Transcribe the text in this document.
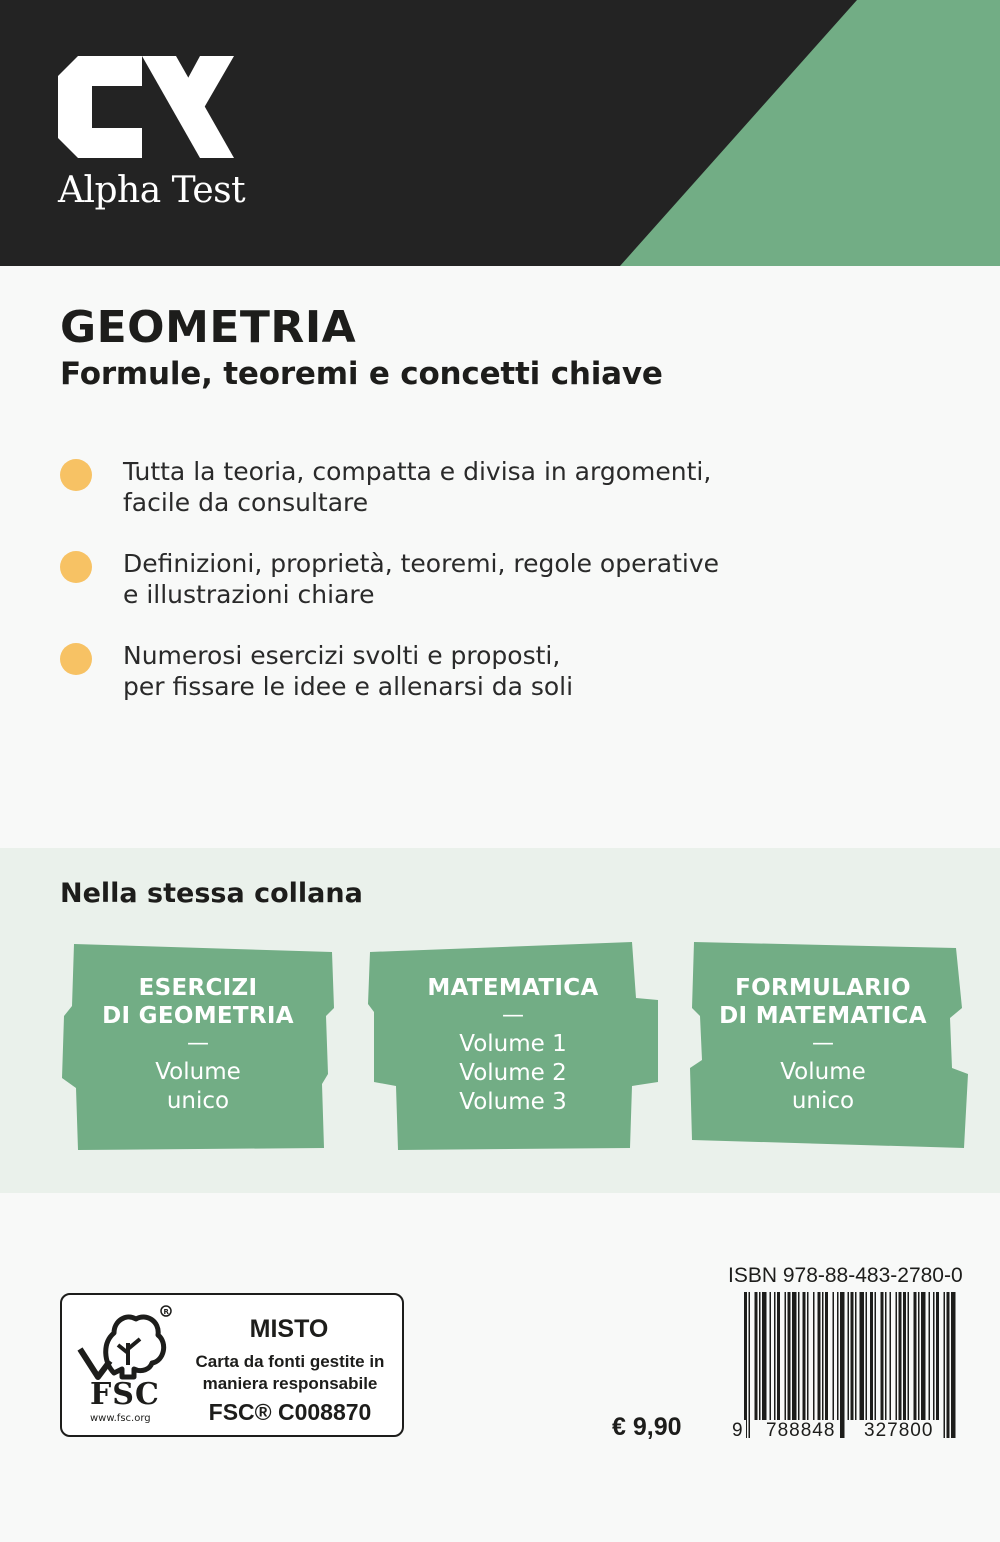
Alpha Test
GEOMETRIA
Formule, teoremi e concetti chiave
Tutta la teoria, compatta e divisa in argomenti,
facile da consultare
Definizioni, proprietà, teoremi, regole operative
e illustrazioni chiare
Numerosi esercizi svolti e proposti,
per fissare le idee e allenarsi da soli
Nella stessa collana
ESERCIZI
DI GEOMETRIA
—
Volume
unico
MATEMATICA
—
Volume 1
Volume 2
Volume 3
FORMULARIO
DI MATEMATICA
—
Volume
unico
R
FSC
www.fsc.org
MISTO
Carta da fonti gestite in
maniera responsabile
FSC® C008870
€ 9,90
ISBN 978-88-483-2780-0
9 788848 327800
